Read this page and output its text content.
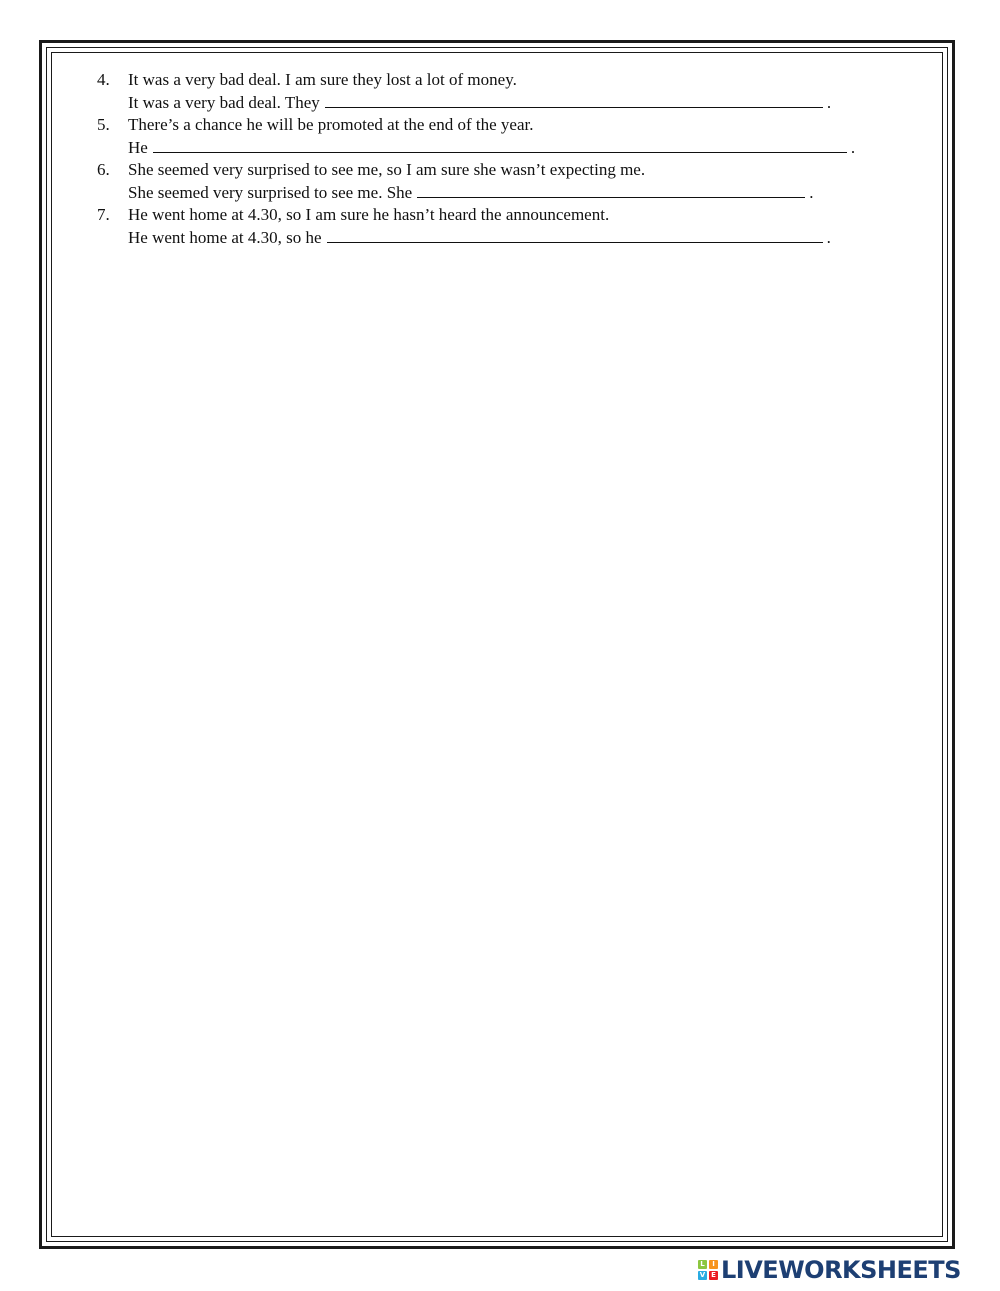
4. It was a very bad deal. I am sure they lost a lot of money.
It was a very bad deal. They	.
5. There’s a chance he will be promoted at the end of the year.
He	.
6. She seemed very surprised to see me, so I am sure she wasn’t expecting me.
She seemed very surprised to see me. She	.
7. He went home at 4.30, so I am sure he hasn’t heard the announcement.
He went home at 4.30, so he	.
L	I
V E LIVEWORKSHEETS
